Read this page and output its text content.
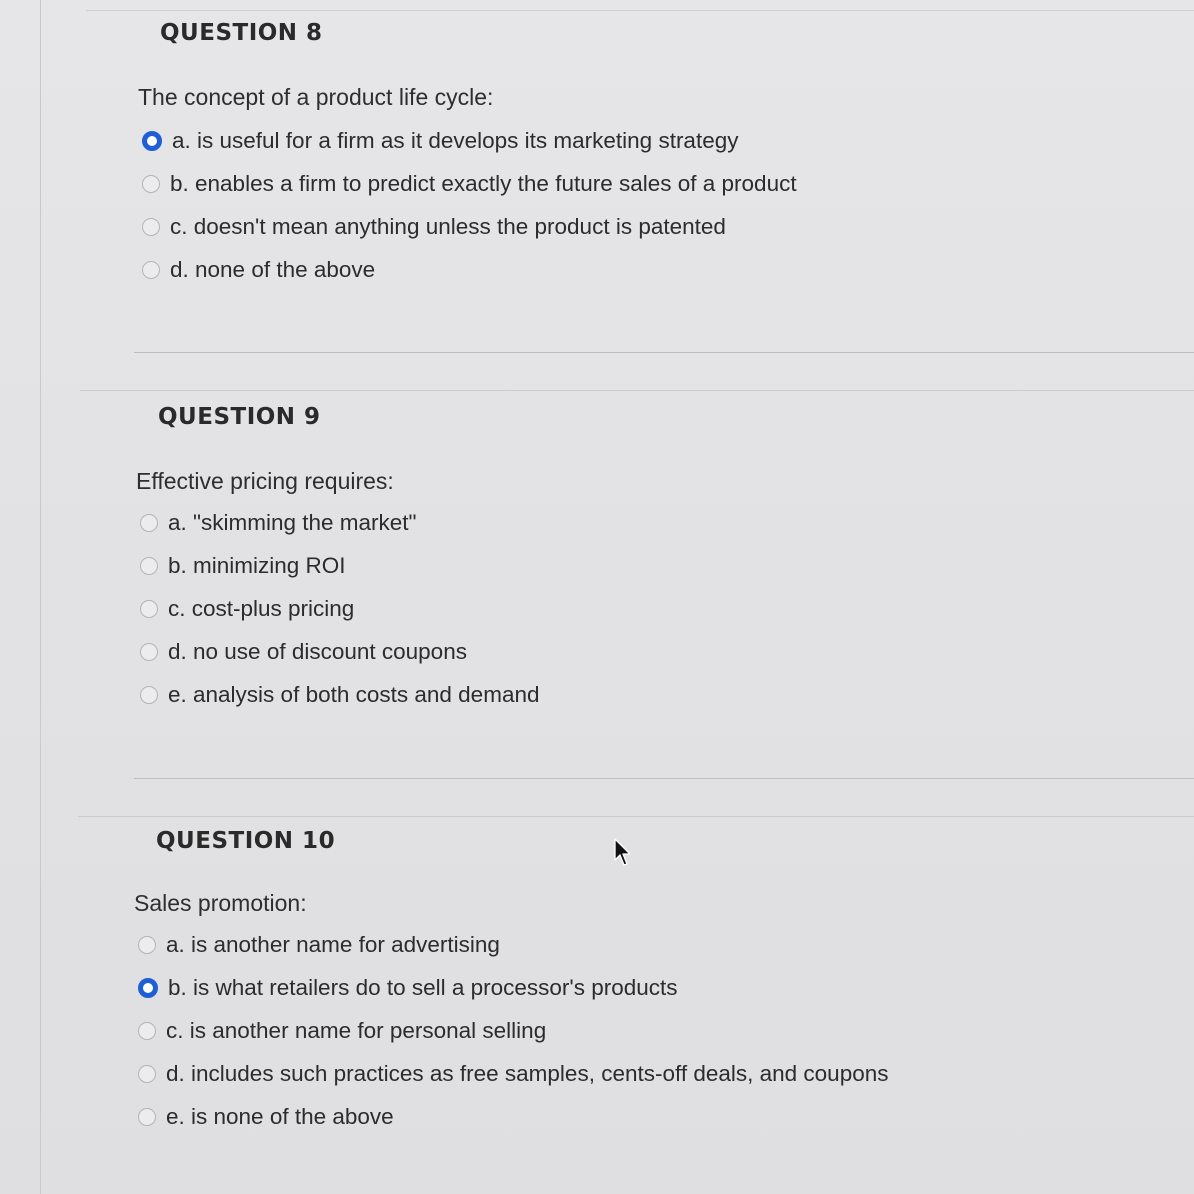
QUESTION 8
The concept of a product life cycle:
a. is useful for a firm as it develops its marketing strategy
b. enables a firm to predict exactly the future sales of a product
c. doesn't mean anything unless the product is patented
d. none of the above
QUESTION 9
Effective pricing requires:
a. "skimming the market"
b. minimizing ROI
c. cost-plus pricing
d. no use of discount coupons
e. analysis of both costs and demand
QUESTION 10
Sales promotion:
a. is another name for advertising
b. is what retailers do to sell a processor's products
c. is another name for personal selling
d. includes such practices as free samples, cents-off deals, and coupons
e. is none of the above
